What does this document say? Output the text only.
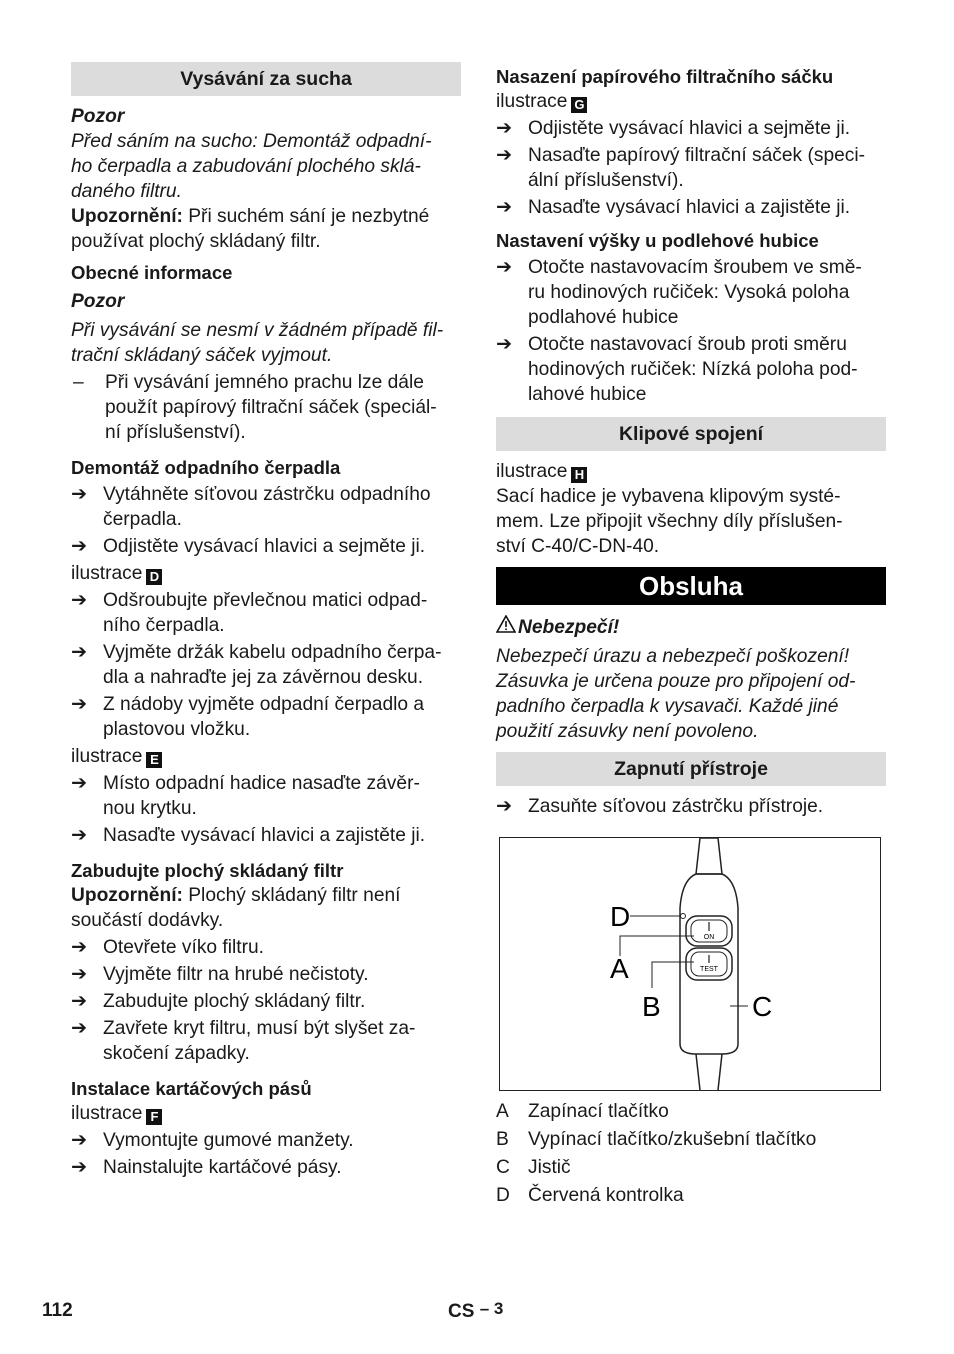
Vysávání za sucha
Pozor
Před sáním na sucho: Demontáž odpadní-
ho čerpadla a zabudování plochého sklá-
daného filtru.
Upozornění: Při suchém sání je nezbytné
používat plochý skládaný filtr.
Obecné informace
Pozor
Při vysávání se nesmí v žádném případě fil-
trační skládaný sáček vyjmout.
–	Při vysávání jemného prachu lze dále
použít papírový filtrační sáček (speciál-
ní příslušenství).
Demontáž odpadního čerpadla
➔ Vytáhněte síťovou zástrčku odpadního
čerpadla.
➔ Odjistěte vysávací hlavici a sejměte ji.
ilustrace D
➔ Odšroubujte převlečnou matici odpad-
ního čerpadla.
➔ Vyjměte držák kabelu odpadního čerpa-
dla a nahraďte jej za závěrnou desku.
➔ Z nádoby vyjměte odpadní čerpadlo a
plastovou vložku.
ilustrace E
➔ Místo odpadní hadice nasaďte závěr-
nou krytku.
➔ Nasaďte vysávací hlavici a zajistěte ji.
Zabudujte plochý skládaný filtr
Upozornění: Plochý skládaný filtr není
součástí dodávky.
➔ Otevřete víko filtru.
➔ Vyjměte filtr na hrubé nečistoty.
➔ Zabudujte plochý skládaný filtr.
➔ Zavřete kryt filtru, musí být slyšet za-
skočení západky.
Instalace kartáčových pásů
ilustrace F
➔ Vymontujte gumové manžety.
➔ Nainstalujte kartáčové pásy.
Nasazení papírového filtračního sáčku
ilustrace G
➔ Odjistěte vysávací hlavici a sejměte ji.
➔ Nasaďte papírový filtrační sáček (speci-
ální příslušenství).
➔ Nasaďte vysávací hlavici a zajistěte ji.
Nastavení výšky u podlehové hubice
➔ Otočte nastavovacím šroubem ve smě-
ru hodinových ručiček: Vysoká poloha
podlahové hubice
➔ Otočte nastavovací šroub proti směru
hodinových ručiček: Nízká poloha pod-
lahové hubice
Klipové spojení
ilustrace H
Sací hadice je vybavena klipovým systé-
mem. Lze připojit všechny díly příslušen-
ství C-40/C-DN-40.
Obsluha
Nebezpečí!
Nebezpečí úrazu a nebezpečí poškození!
Zásuvka je určena pouze pro připojení od-
padního čerpadla k vysavači. Každé jiné
použití zásuvky není povoleno.
Zapnutí přístroje
➔ Zasuňte síťovou zástrčku přístroje.
ON
TEST
D
A
B	C
A Zapínací tlačítko
B Vypínací tlačítko/zkušební tlačítko
C Jistič
D Červená kontrolka
112	CS – 3
